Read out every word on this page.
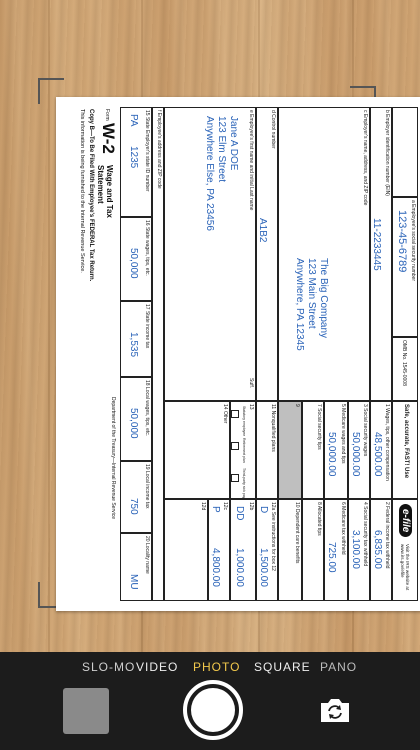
a Employee's social security number
123-45-6789
OMB No. 1545-0008
Safe, accurate, FAST! Use
e-file
Visit the IRS website at www.irs.gov/efile
b Employer identification number (EIN)
11-2233445
1 Wages, tips, other compensation
48,500.00
2 Federal income tax withheld
6,835.00
c Employer's name, address, and ZIP code
The Big Company
123 Main Street
Anywhere, PA 12345
3 Social security wages
50,000.00
4 Social security tax withheld
3,100.00
5 Medicare wages and tips
50,000.00
6 Medicare tax withheld
725.00
7 Social security tips
8 Allocated tips
d Control number
A1B2
9
10 Dependent care benefits
e Employee's first name and initial Last name
Suff.
Jane A DOE
123 Elm Street
Anywhere Else, PA 23456
11 Nonqualified plans
12a See instructions for box 12
D
1,500.00
13
Statutory employee
Retirement plan
Third-party sick pay
12b
DD
1,000.00
14 Other
12c
P
4,800.00
12d
f Employee's address and ZIP code
15 State Employer's state ID number
PA
1235
16 State wages, tips, etc.
50,000
17 State income tax
1,535
18 Local wages, tips, etc.
50,000
19 Local income tax
750
20 Locality name
MU
Form
W-2
Wage and Tax Statement
Department of the Treasury—Internal Revenue Service
Copy B—To Be Filed With Employee's FEDERAL Tax Return.
This information is being furnished to the Internal Revenue Service.
SLO-MO VIDEO PHOTO SQUARE PANO
